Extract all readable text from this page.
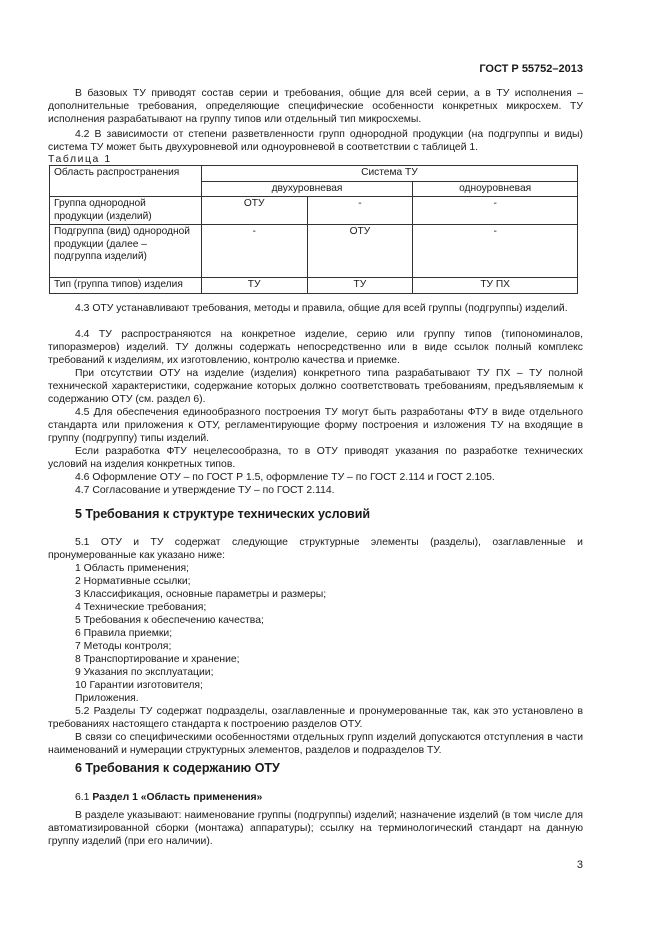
ГОСТ Р 55752–2013

В базовых ТУ приводят состав серии и требования, общие для всей серии, а в ТУ исполнения – дополнительные требования, определяющие специфические особенности конкретных микросхем. ТУ исполнения разрабатывают на группу типов или отдельный тип микросхемы.

4.2 В зависимости от степени разветвленности групп однородной продукции (на подгруппы и виды) система ТУ может быть двухуровневой или одноуровневой в соответствии с таблицей 1.

Таблица 1
Область распространения	Система ТУ		
	двухуровневая		одноуровневая
Группа однородной продукции (изделий)	ОТУ	-	-
Подгруппа (вид) однородной продукции (далее – подгруппа изделий)	-	ОТУ	-
Тип (группа типов) изделия	ТУ	ТУ	ТУ ПХ

4.3 ОТУ устанавливают требования, методы и правила, общие для всей группы (подгруппы) изделий.

4.4 ТУ распространяются на конкретное изделие, серию или группу типов (типономиналов, типоразмеров) изделий. ТУ должны содержать непосредственно или в виде ссылок полный комплекс требований к изделиям, их изготовлению, контролю качества и приемке.

При отсутствии ОТУ на изделие (изделия) конкретного типа разрабатывают ТУ ПХ – ТУ полной технической характеристики, содержание которых должно соответствовать требованиям, предъявляемым к содержанию ОТУ (см. раздел 6).

4.5 Для обеспечения единообразного построения ТУ могут быть разработаны ФТУ в виде отдельного стандарта или приложения к ОТУ, регламентирующие форму построения и изложения ТУ на входящие в группу (подгруппу) типы изделий.

Если разработка ФТУ нецелесообразна, то в ОТУ приводят указания по разработке технических условий на изделия конкретных типов.

4.6 Оформление ОТУ – по ГОСТ Р 1.5, оформление ТУ – по ГОСТ 2.114 и ГОСТ 2.105.

4.7 Согласование и утверждение ТУ – по ГОСТ 2.114.

5 Требования к структуре технических условий

5.1 ОТУ и ТУ содержат следующие структурные элементы (разделы), озаглавленные и пронумерованные как указано ниже:

1 Область применения;
2 Нормативные ссылки;
3 Классификация, основные параметры и размеры;
4 Технические требования;
5 Требования к обеспечению качества;
6 Правила приемки;
7 Методы контроля;
8 Транспортирование и хранение;
9 Указания по эксплуатации;
10 Гарантии изготовителя;
Приложения.

5.2 Разделы ТУ содержат подразделы, озаглавленные и пронумерованные так, как это установлено в требованиях настоящего стандарта к построению разделов ОТУ.

В связи со специфическими особенностями отдельных групп изделий допускаются отступления в части наименований и нумерации структурных элементов, разделов и подразделов ТУ.

6 Требования к содержанию ОТУ

6.1 Раздел 1 «Область применения»

В разделе указывают: наименование группы (подгруппы) изделий; назначение изделий (в том числе для автоматизированной сборки (монтажа) аппаратуры); ссылку на терминологический стандарт на данную группу изделий (при его наличии).

3
